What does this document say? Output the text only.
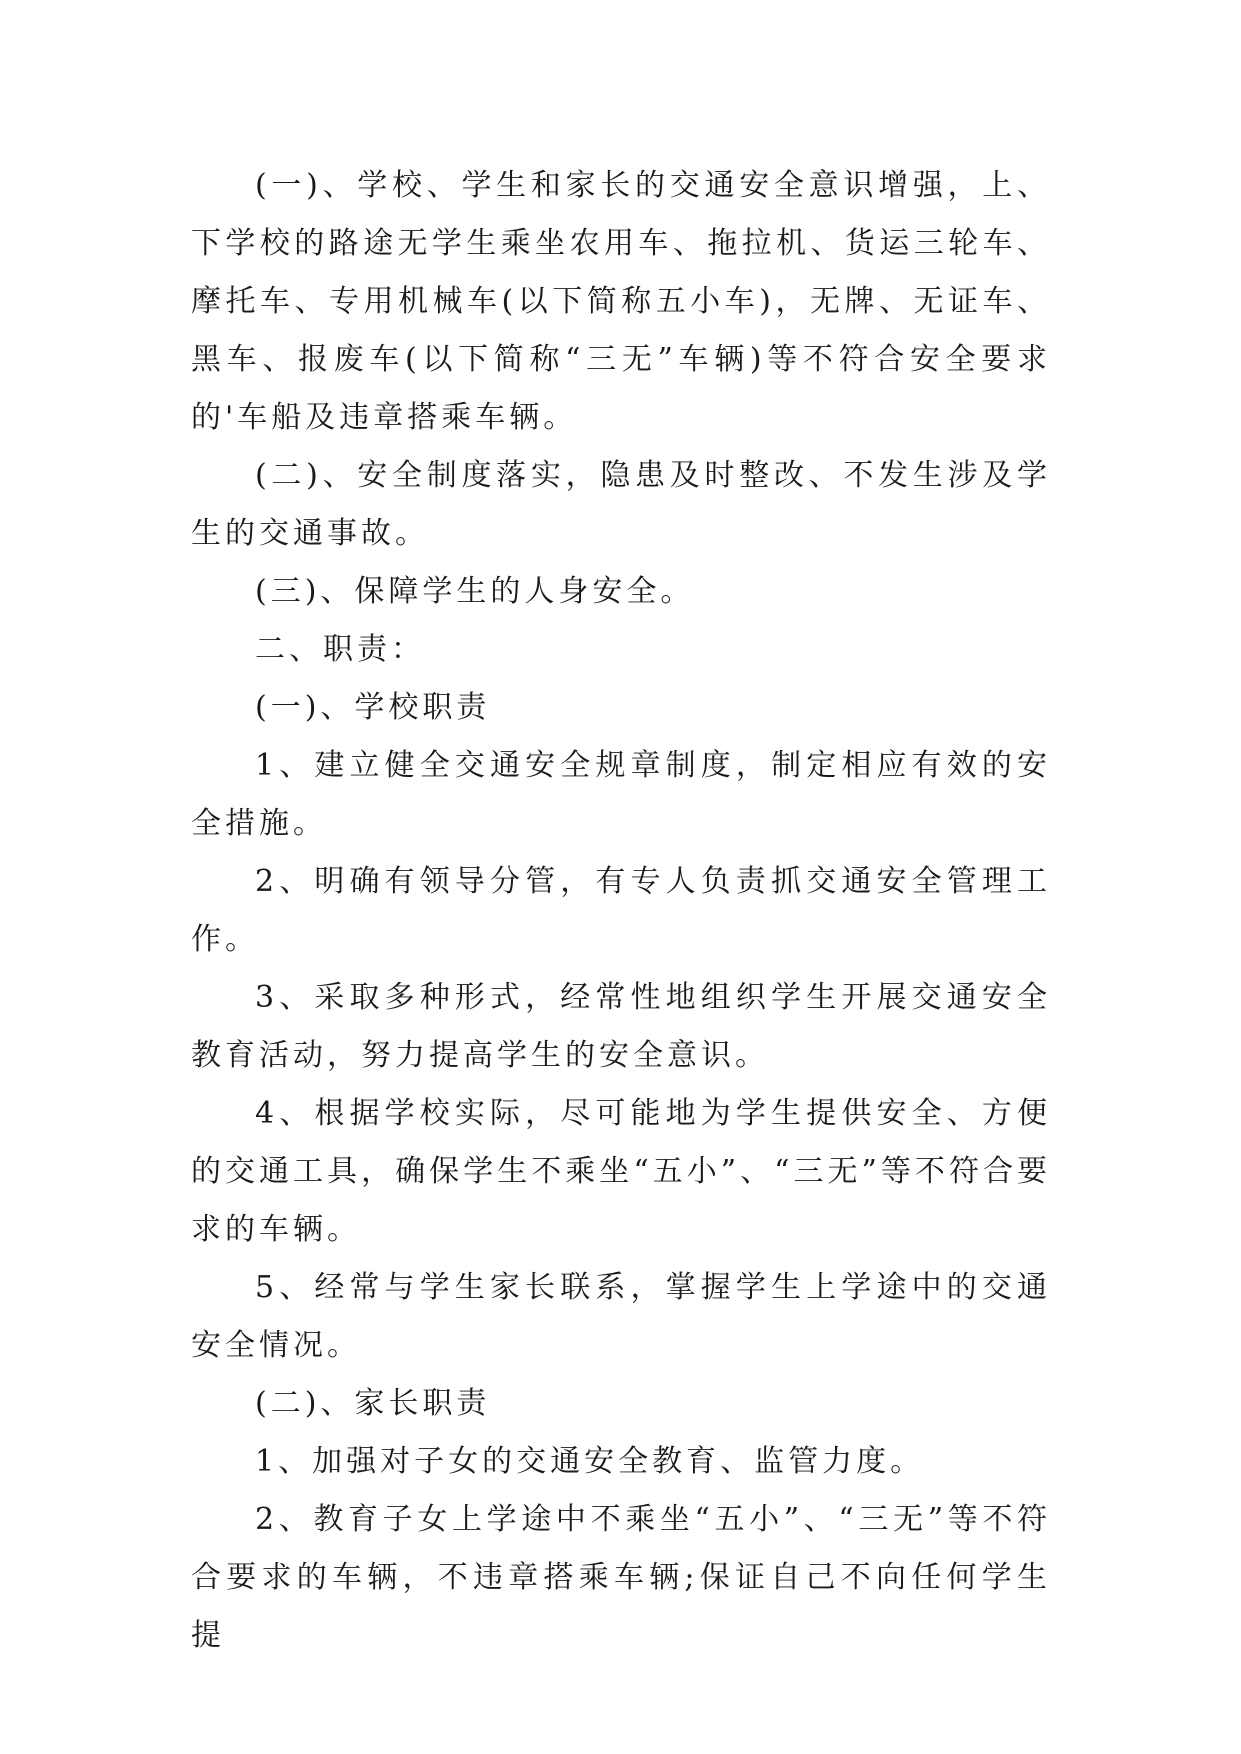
(一)、学校、学生和家长的交通安全意识增强，上、下学校的路途无学生乘坐农用车、拖拉机、货运三轮车、摩托车、专用机械车(以下简称五小车)，无牌、无证车、黑车、报废车(以下简称“三无”车辆)等不符合安全要求的'车船及违章搭乘车辆。

(二)、安全制度落实，隐患及时整改、不发生涉及学生的交通事故。

(三)、保障学生的人身安全。

二、职责：

(一)、学校职责

1、建立健全交通安全规章制度，制定相应有效的安全措施。

2、明确有领导分管，有专人负责抓交通安全管理工作。

3、采取多种形式，经常性地组织学生开展交通安全教育活动，努力提高学生的安全意识。

4、根据学校实际，尽可能地为学生提供安全、方便的交通工具，确保学生不乘坐“五小”、“三无”等不符合要求的车辆。

5、经常与学生家长联系，掌握学生上学途中的交通安全情况。

(二)、家长职责

1、加强对子女的交通安全教育、监管力度。

2、教育子女上学途中不乘坐“五小”、“三无”等不符合要求的车辆，不违章搭乘车辆;保证自己不向任何学生提
